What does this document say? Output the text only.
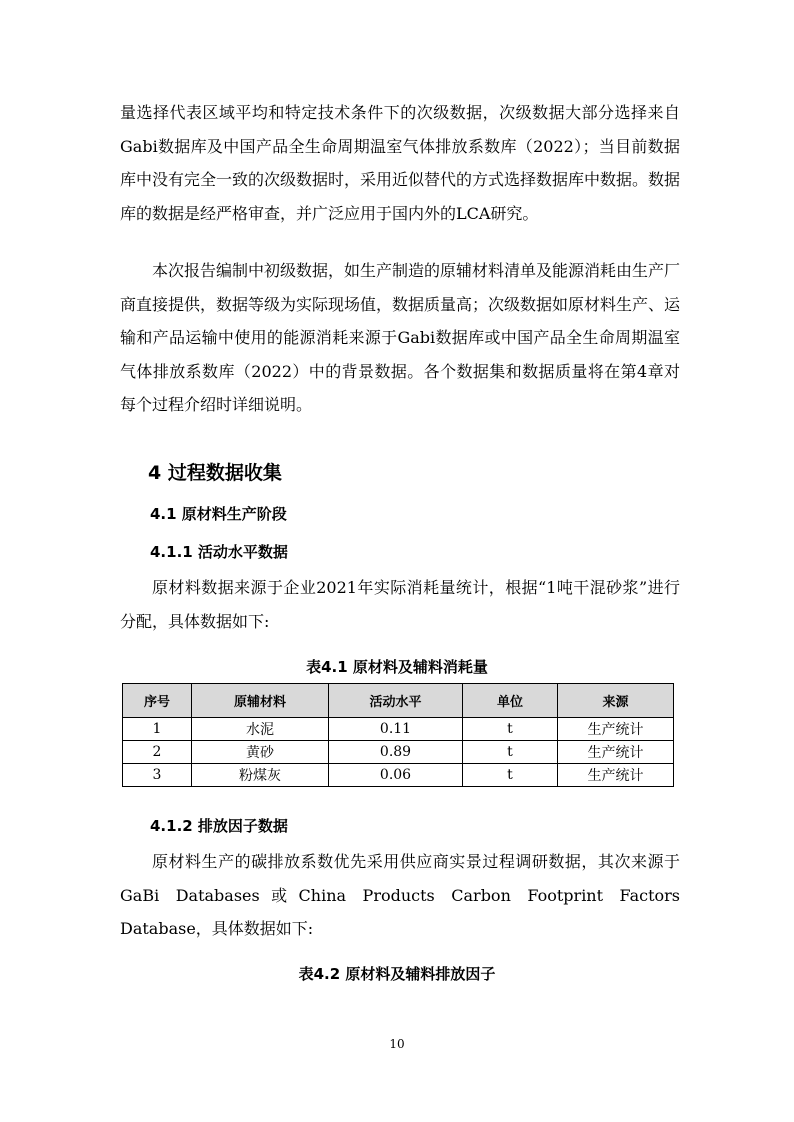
量选择代表区域平均和特定技术条件下的次级数据，次级数据大部分选择来自Gabi数据库及中国产品全生命周期温室气体排放系数库（2022）；当目前数据库中没有完全一致的次级数据时，采用近似替代的方式选择数据库中数据。数据库的数据是经严格审查，并广泛应用于国内外的LCA研究。

本次报告编制中初级数据，如生产制造的原辅材料清单及能源消耗由生产厂商直接提供，数据等级为实际现场值，数据质量高；次级数据如原材料生产、运输和产品运输中使用的能源消耗来源于Gabi数据库或中国产品全生命周期温室气体排放系数库（2022）中的背景数据。各个数据集和数据质量将在第4章对每个过程介绍时详细说明。

4 过程数据收集
4.1 原材料生产阶段
4.1.1 活动水平数据

原材料数据来源于企业2021年实际消耗量统计，根据“1吨干混砂浆”进行分配，具体数据如下:

表4.1 原材料及辅料消耗量

序号	原辅材料	活动水平	单位	来源
1	水泥	0.11	t	生产统计
2	黄砂	0.89	t	生产统计
3	粉煤灰	0.06	t	生产统计
4.1.2 排放因子数据

原材料生产的碳排放系数优先采用供应商实景过程调研数据，其次来源于GaBi Databases或China Products Carbon Footprint Factors Database，具体数据如下:

表4.2 原材料及辅料排放因子

10
